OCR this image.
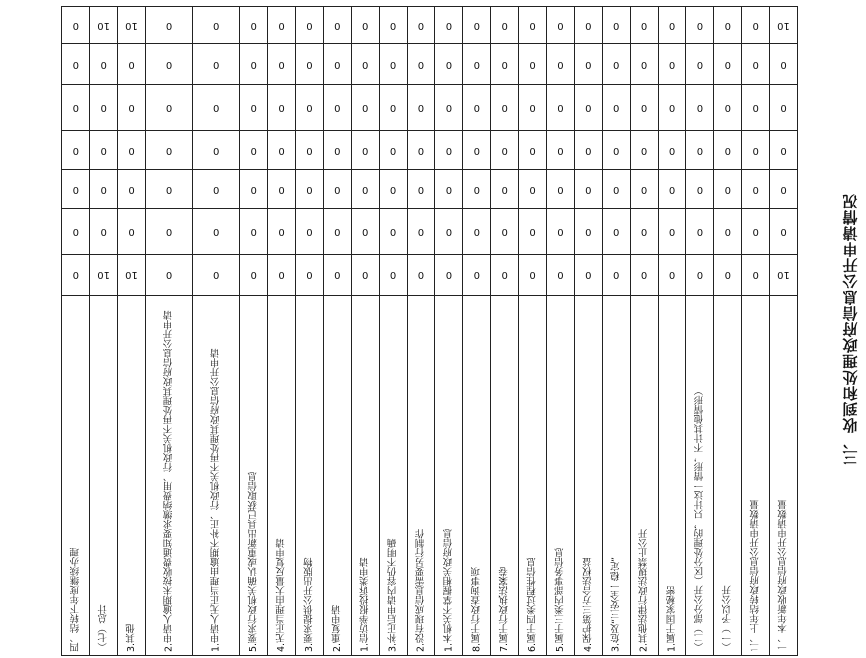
三、收到和处理政府信息公开申请情况
一、本年新收政府信息公开申请数量	二、上年结转政府信息公开申请数量	（一）予以公开	（二）部分公开（区分处理的，只计这一情形，不计其他情形）	1.属于国家秘密	2.其他法律行政法规禁止公开	3.危及“三安全一稳定”	4.保护第三方合法权益	5.属于三类内部事务信息	6.属于四类过程性信息	7.属于行政执法案卷	8.属于行政查询事项	1.本机关不掌握相关政府信息	2.没有现成信息需要另行制作	3.补正后申请内容仍不明确	1.信访举报投诉类申请	2.重复申请	3.要求提供公开出版物	4.无正当理由大量反复申请	5.要求行政机关确认或重新出具已获取信息	1.申请人无正当理由逾期不补正、行政机关不再处理其政府信息公开申请	2.申请人逾期未按收费通知要求缴纳费用、行政机关不再处理其政府信息公开申请	3.其他	（七）总计	四、结转下年度继续办理
10	0	0	0	0	0	0	0	0	0	0	0	0	0	0	0	0	0	0	0	0	0	10	10	0
0	0	0	0	0	0	0	0	0	0	0	0	0	0	0	0	0	0	0	0	0	0	0	0	0
0	0	0	0	0	0	0	0	0	0	0	0	0	0	0	0	0	0	0	0	0	0	0	0	0
0	0	0	0	0	0	0	0	0	0	0	0	0	0	0	0	0	0	0	0	0	0	0	0	0
0	0	0	0	0	0	0	0	0	0	0	0	0	0	0	0	0	0	0	0	0	0	0	0	0
0	0	0	0	0	0	0	0	0	0	0	0	0	0	0	0	0	0	0	0	0	0	0	0	0
10	0	0	0	0	0	0	0	0	0	0	0	0	0	0	0	0	0	0	0	0	0	10	10	0
